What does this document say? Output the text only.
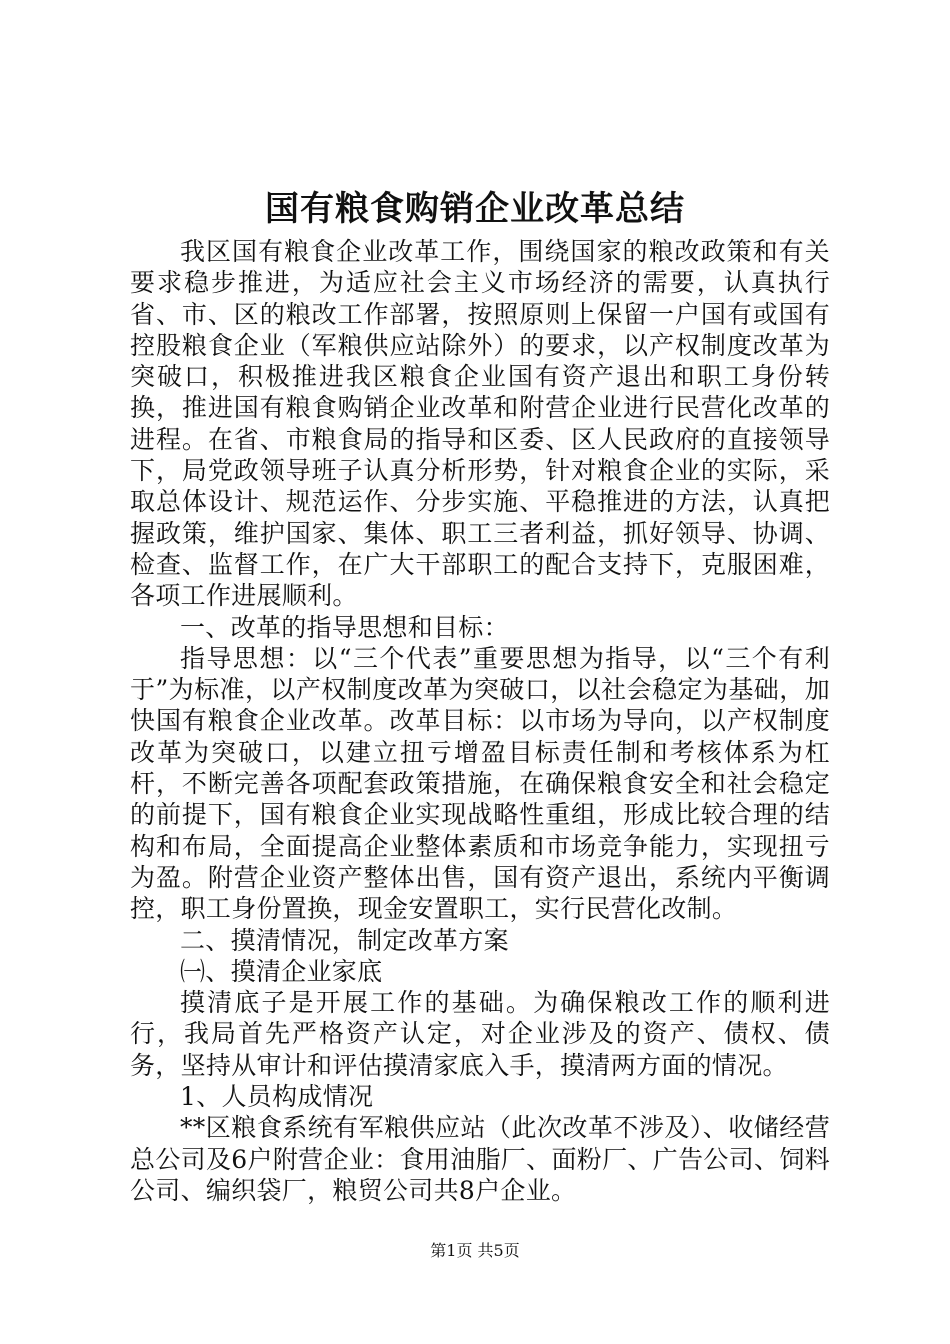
国有粮食购销企业改革总结

我区国有粮食企业改革工作，围绕国家的粮改政策和有关要求稳步推进，为适应社会主义市场经济的需要，认真执行省、市、区的粮改工作部署，按照原则上保留一户国有或国有控股粮食企业（军粮供应站除外）的要求，以产权制度改革为突破口，积极推进我区粮食企业国有资产退出和职工身份转换，推进国有粮食购销企业改革和附营企业进行民营化改革的进程。在省、市粮食局的指导和区委、区人民政府的直接领导下，局党政领导班子认真分析形势，针对粮食企业的实际，采取总体设计、规范运作、分步实施、平稳推进的方法，认真把握政策，维护国家、集体、职工三者利益，抓好领导、协调、检查、监督工作，在广大干部职工的配合支持下，克服困难，各项工作进展顺利。

一、改革的指导思想和目标：

指导思想：以“三个代表”重要思想为指导，以“三个有利于”为标准，以产权制度改革为突破口，以社会稳定为基础，加快国有粮食企业改革。改革目标：以市场为导向，以产权制度改革为突破口，以建立扭亏增盈目标责任制和考核体系为杠杆，不断完善各项配套政策措施，在确保粮食安全和社会稳定的前提下，国有粮食企业实现战略性重组，形成比较合理的结构和布局，全面提高企业整体素质和市场竞争能力，实现扭亏为盈。附营企业资产整体出售，国有资产退出，系统内平衡调控，职工身份置换，现金安置职工，实行民营化改制。

二、摸清情况，制定改革方案

㈠、摸清企业家底

摸清底子是开展工作的基础。为确保粮改工作的顺利进行，我局首先严格资产认定，对企业涉及的资产、债权、债务，坚持从审计和评估摸清家底入手，摸清两方面的情况。

1、人员构成情况

**区粮食系统有军粮供应站（此次改革不涉及）、收储经营总公司及6户附营企业：食用油脂厂、面粉厂、广告公司、饲料公司、编织袋厂，粮贸公司共8户企业。

第1页 共5页
